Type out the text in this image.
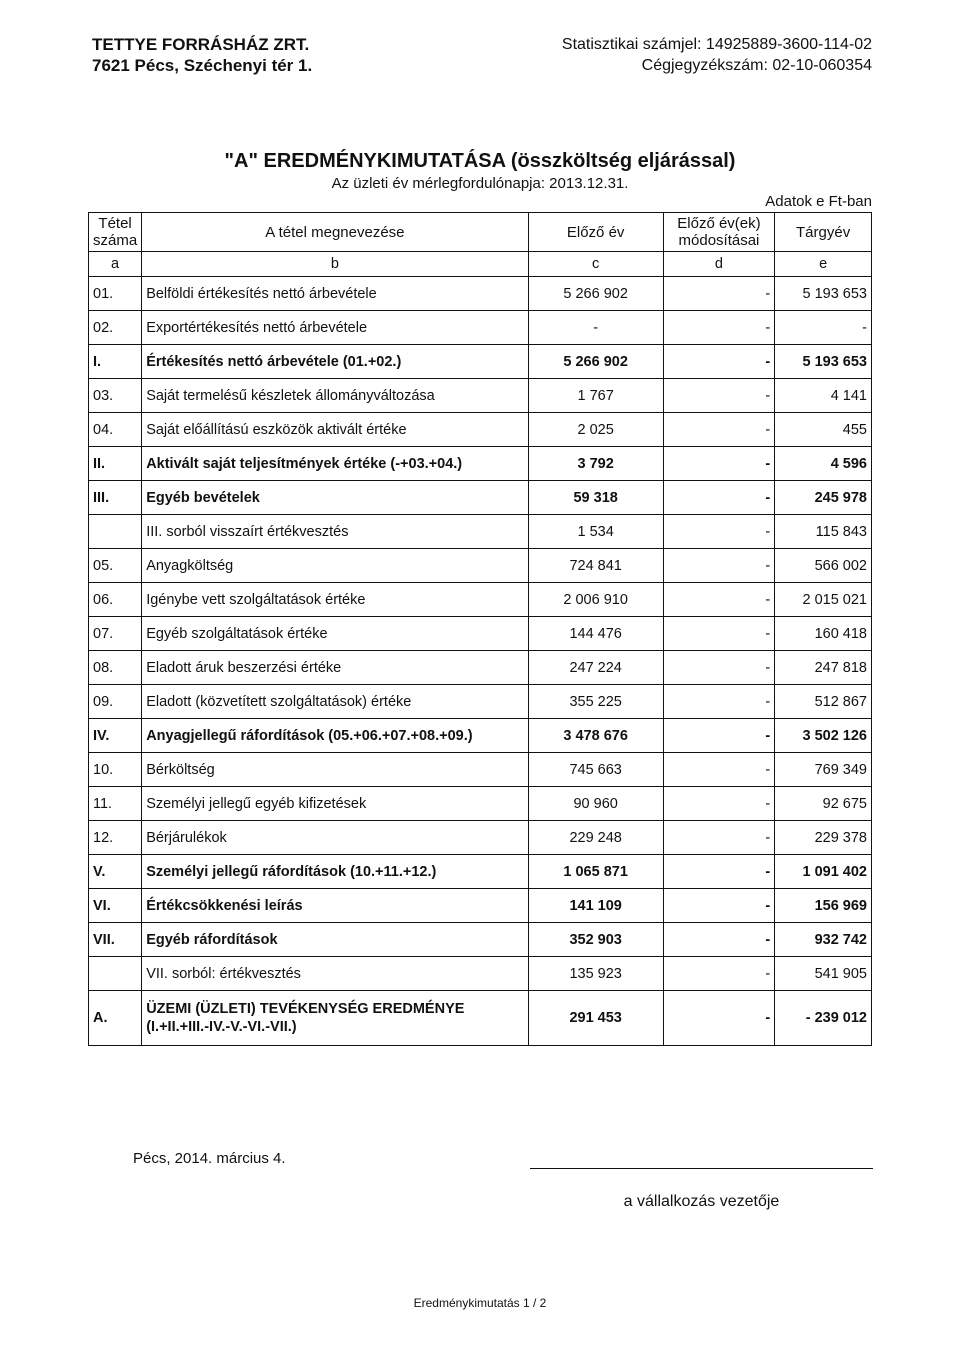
TETTYE FORRÁSHÁZ ZRT.
7621 Pécs, Széchenyi tér 1.
Statisztikai számjel: 14925889-3600-114-02
Cégjegyzékszám: 02-10-060354
"A" EREDMÉNYKIMUTATÁSA (összköltség eljárással)
Az üzleti év mérlegfordulónapja: 2013.12.31.
Adatok e Ft-ban
Tétel száma	A tétel megnevezése	Előző év	Előző év(ek) módosításai	Tárgyév
a	b	c	d	e
01.	Belföldi értékesítés nettó árbevétele	5 266 902	-	5 193 653
02.	Exportértékesítés nettó árbevétele	-	-	-
I.	Értékesítés nettó árbevétele (01.+02.)	5 266 902	-	5 193 653
03.	Saját termelésű készletek állományváltozása	1 767	-	4 141
04.	Saját előállítású eszközök aktivált értéke	2 025	-	455
II.	Aktivált saját teljesítmények értéke (-+03.+04.)	3 792	-	4 596
III.	Egyéb bevételek	59 318	-	245 978
	III. sorból visszaírt értékvesztés	1 534	-	115 843
05.	Anyagköltség	724 841	-	566 002
06.	Igénybe vett szolgáltatások értéke	2 006 910	-	2 015 021
07.	Egyéb szolgáltatások értéke	144 476	-	160 418
08.	Eladott áruk beszerzési értéke	247 224	-	247 818
09.	Eladott (közvetített szolgáltatások) értéke	355 225	-	512 867
IV.	Anyagjellegű ráfordítások (05.+06.+07.+08.+09.)	3 478 676	-	3 502 126
10.	Bérköltség	745 663	-	769 349
11.	Személyi jellegű egyéb kifizetések	90 960	-	92 675
12.	Bérjárulékok	229 248	-	229 378
V.	Személyi jellegű ráfordítások (10.+11.+12.)	1 065 871	-	1 091 402
VI.	Értékcsökkenési leírás	141 109	-	156 969
VII.	Egyéb ráfordítások	352 903	-	932 742
	VII. sorból: értékvesztés	135 923	-	541 905
A.	ÜZEMI (ÜZLETI) TEVÉKENYSÉG EREDMÉNYE
(I.+II.+III.-IV.-V.-VI.-VII.)	291 453	-	- 239 012
Pécs, 2014. március 4.
a vállalkozás vezetője
Eredménykimutatás 1 / 2
